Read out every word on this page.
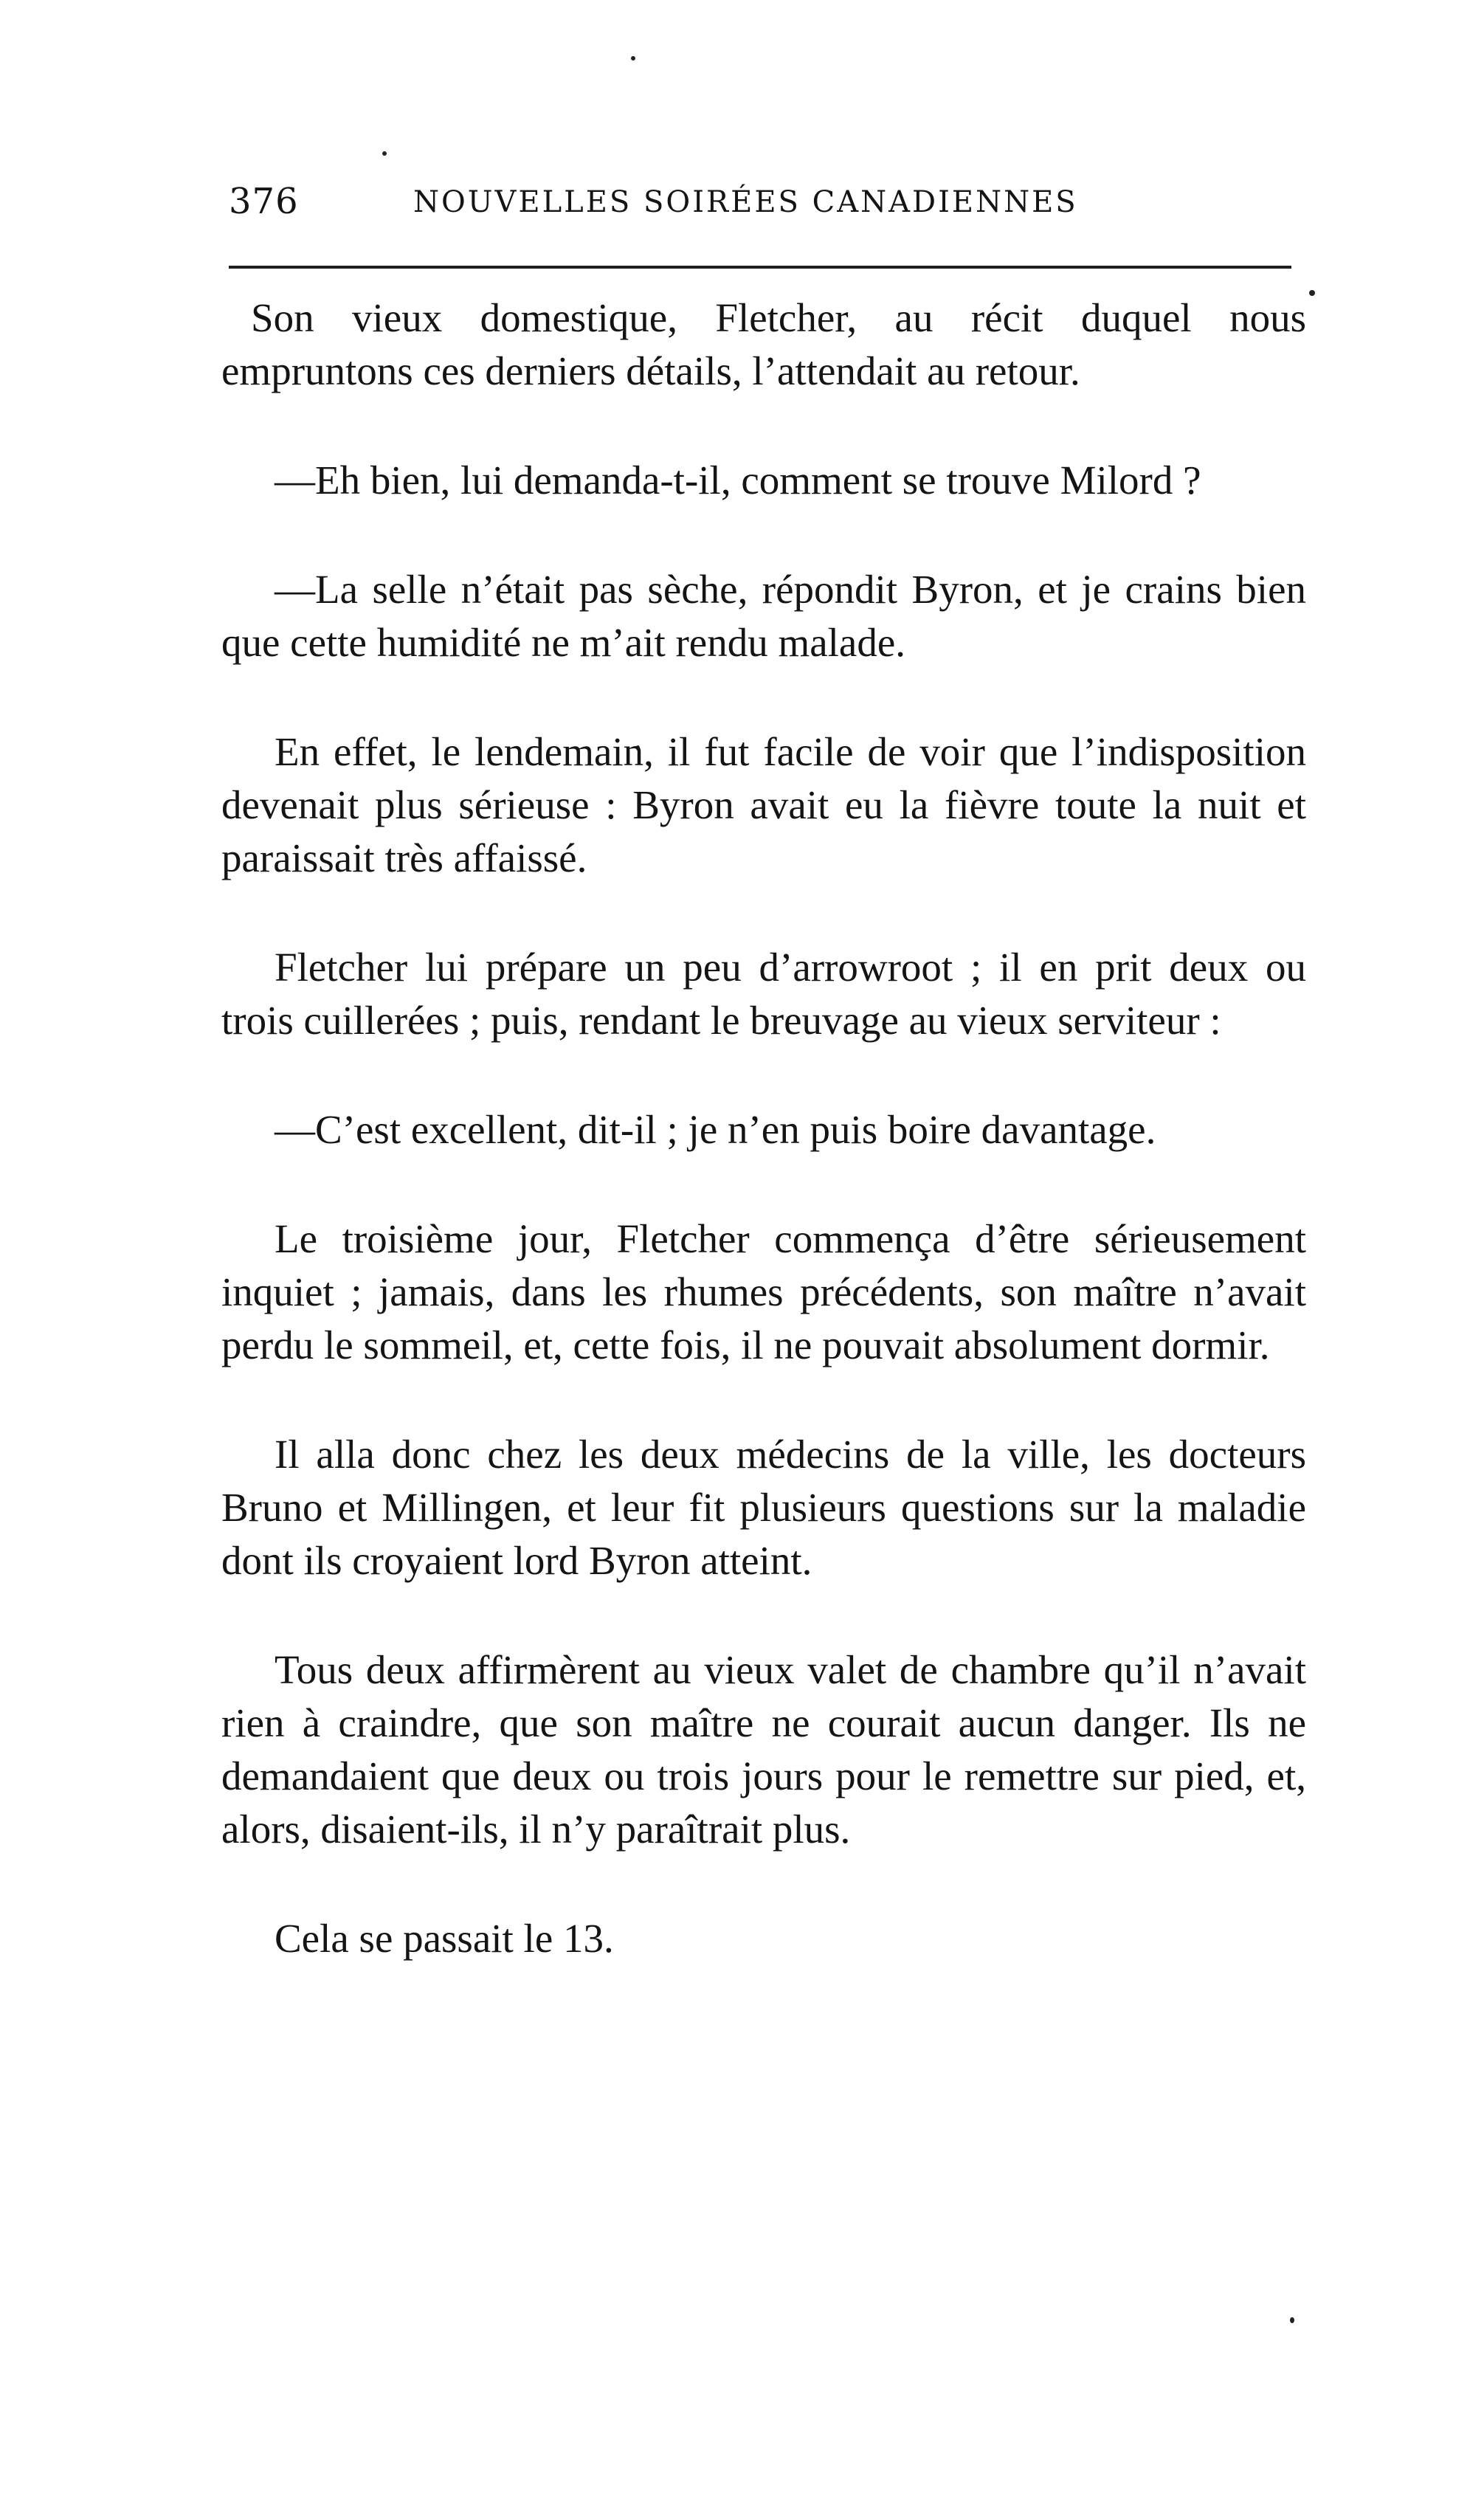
376	NOUVELLES SOIRÉES CANADIENNES

Son vieux domestique, Fletcher, au récit duquel nous empruntons ces derniers détails, l’attendait au retour.

—Eh bien, lui demanda-t-il, comment se trouve Milord ?

—La selle n’était pas sèche, répondit Byron, et je crains bien que cette humidité ne m’ait rendu malade.

En effet, le lendemain, il fut facile de voir que l’indisposition devenait plus sérieuse : Byron avait eu la fièvre toute la nuit et paraissait très affaissé.

Fletcher lui prépare un peu d’arrowroot ; il en prit deux ou trois cuillerées ; puis, rendant le breuvage au vieux serviteur :

—C’est excellent, dit-il ; je n’en puis boire davantage.

Le troisième jour, Fletcher commença d’être sérieusement inquiet ; jamais, dans les rhumes précédents, son maître n’avait perdu le sommeil, et, cette fois, il ne pouvait absolument dormir.

Il alla donc chez les deux médecins de la ville, les docteurs Bruno et Millingen, et leur fit plusieurs questions sur la maladie dont ils croyaient lord Byron atteint.

Tous deux affirmèrent au vieux valet de chambre qu’il n’avait rien à craindre, que son maître ne courait aucun danger. Ils ne demandaient que deux ou trois jours pour le remettre sur pied, et, alors, disaient-ils, il n’y paraîtrait plus.

Cela se passait le 13.
